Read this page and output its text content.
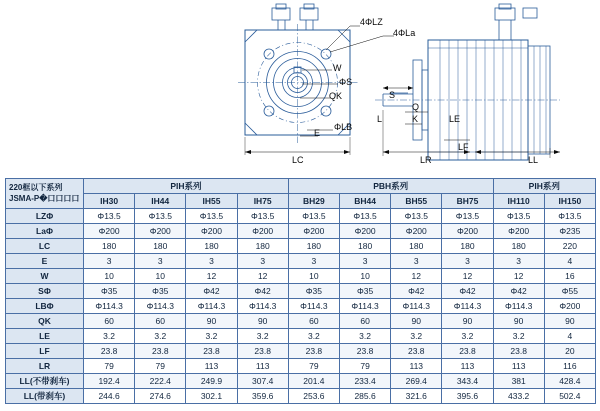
4ΦLZ
4ΦLa
W
ΦS
QK
E
ΦLB
LC
S
Q
K	LE
L
LF
LR	LL
220框以下系列
JSMA-P�口口口口	PIH系列				PBH系列				PIH系列	
	IH30	IH44	IH55	IH75	BH29	BH44	BH55	BH75	IH110	IH150
LZΦ	Φ13.5	Φ13.5	Φ13.5	Φ13.5	Φ13.5	Φ13.5	Φ13.5	Φ13.5	Φ13.5	Φ13.5
LaΦ	Φ200	Φ200	Φ200	Φ200	Φ200	Φ200	Φ200	Φ200	Φ200	Φ235
LC	180	180	180	180	180	180	180	180	180	220
E	3	3	3	3	3	3	3	3	3	4
W	10	10	12	12	10	10	12	12	12	16
SΦ	Φ35	Φ35	Φ42	Φ42	Φ35	Φ35	Φ42	Φ42	Φ42	Φ55
LBΦ	Φ114.3	Φ114.3	Φ114.3	Φ114.3	Φ114.3	Φ114.3	Φ114.3	Φ114.3	Φ114.3	Φ200
QK	60	60	90	90	60	60	90	90	90	90
LE	3.2	3.2	3.2	3.2	3.2	3.2	3.2	3.2	3.2	4
LF	23.8	23.8	23.8	23.8	23.8	23.8	23.8	23.8	23.8	20
LR	79	79	113	113	79	79	113	113	113	116
LL(不带刹车)	192.4	222.4	249.9	307.4	201.4	233.4	269.4	343.4	381	428.4
LL(带刹车)	244.6	274.6	302.1	359.6	253.6	285.6	321.6	395.6	433.2	502.4
